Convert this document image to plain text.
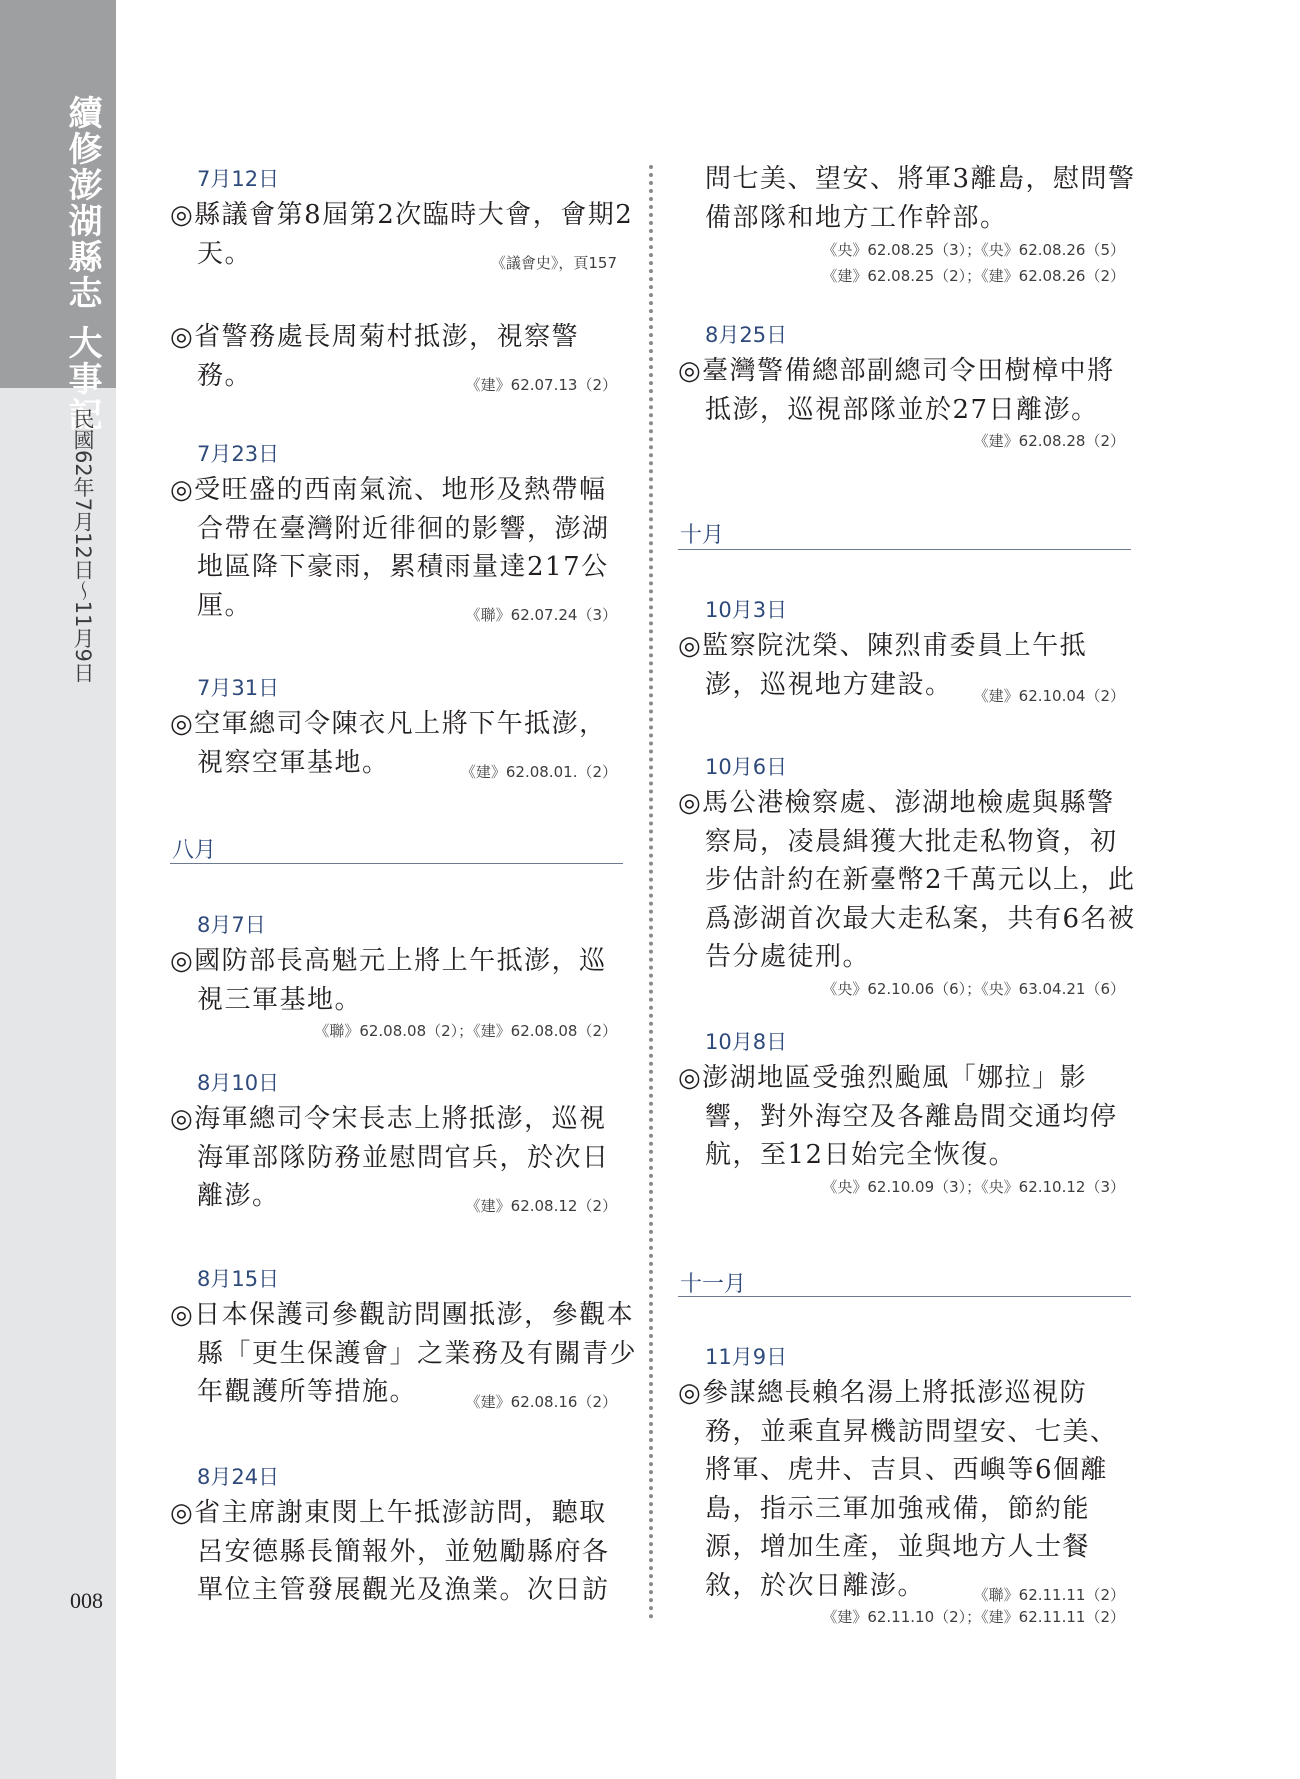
續修澎湖縣志 大事記
民國62年7月12日〜11月9日
008
7月12日
◎縣議會第8屆第2次臨時大會，會期2
天。	《議會史》，頁157
◎省警務處長周菊村抵澎，視察警
務。	《建》62.07.13（2）
7月23日
◎受旺盛的西南氣流、地形及熱帶幅
合帶在臺灣附近徘徊的影響，澎湖
地區降下豪雨，累積雨量達217公
厘。	《聯》62.07.24（3）
7月31日
◎空軍總司令陳衣凡上將下午抵澎，
視察空軍基地。	《建》62.08.01.（2）
八月
8月7日
◎國防部長高魁元上將上午抵澎，巡
視三軍基地。
《聯》62.08.08（2）；《建》62.08.08（2）
8月10日
◎海軍總司令宋長志上將抵澎，巡視
海軍部隊防務並慰問官兵，於次日
離澎。	《建》62.08.12（2）
8月15日
◎日本保護司參觀訪問團抵澎，參觀本
縣「更生保護會」之業務及有關青少
年觀護所等措施。	《建》62.08.16（2）
8月24日
◎省主席謝東閔上午抵澎訪問，聽取
呂安德縣長簡報外，並勉勵縣府各
單位主管發展觀光及漁業。次日訪
問七美、望安、將軍3離島，慰問警
備部隊和地方工作幹部。
《央》62.08.25（3）；《央》62.08.26（5）
《建》62.08.25（2）；《建》62.08.26（2）
8月25日
◎臺灣警備總部副總司令田樹樟中將
抵澎，巡視部隊並於27日離澎。
《建》62.08.28（2）
十月
10月3日
◎監察院沈榮、陳烈甫委員上午抵
澎，巡視地方建設。 《建》62.10.04（2）
10月6日
◎馬公港檢察處、澎湖地檢處與縣警
察局，凌晨緝獲大批走私物資，初
步估計約在新臺幣2千萬元以上，此
爲澎湖首次最大走私案，共有6名被
告分處徒刑。
《央》62.10.06（6）；《央》63.04.21（6）
10月8日
◎澎湖地區受強烈颱風「娜拉」影
響，對外海空及各離島間交通均停
航，至12日始完全恢復。
《央》62.10.09（3）；《央》62.10.12（3）
十一月
11月9日
◎參謀總長賴名湯上將抵澎巡視防
務，並乘直昇機訪問望安、七美、
將軍、虎井、吉貝、西嶼等6個離
島，指示三軍加強戒備，節約能
源，增加生產，並與地方人士餐
敘，於次日離澎。	《聯》62.11.11（2）
《建》62.11.10（2）；《建》62.11.11（2）
